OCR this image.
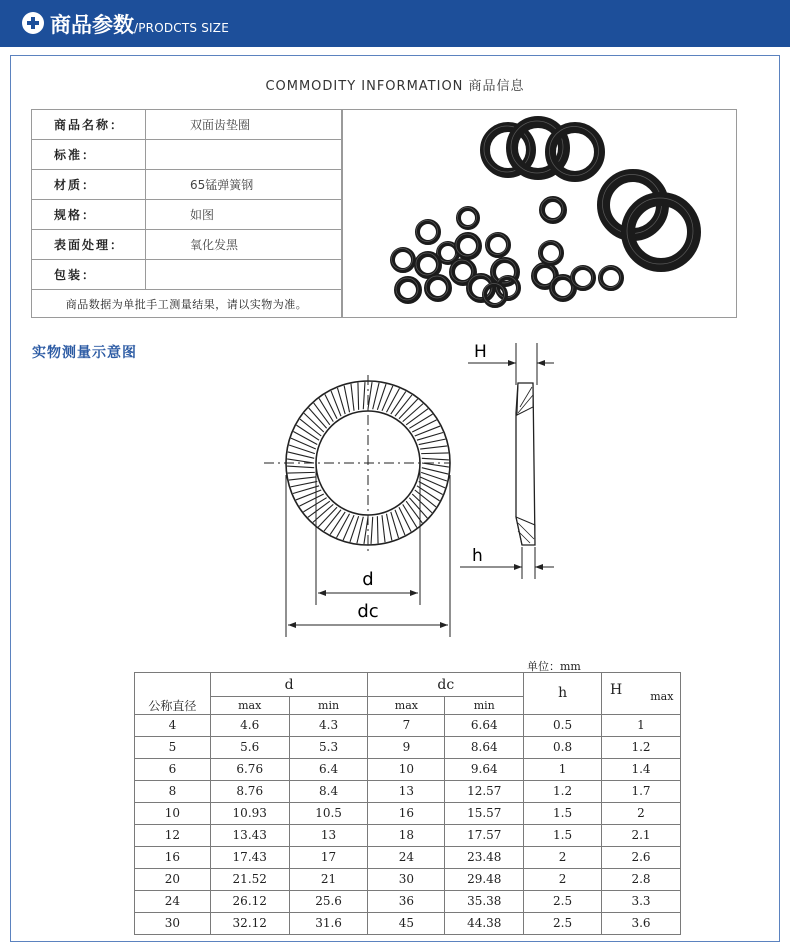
商品参数/PRODCTS SIZE
COMMODITY INFORMATION 商品信息
商品名称：	双面齿垫圈
标准：	
材质：	65锰弹簧钢
规格：	如图
表面处理：	氧化发黑
包装：	
商品数据为单批手工测量结果，请以实物为准。	
实物测量示意图
d
dc
H
h
单位：mm
	d		dc		h	H max
公称直径	max	min	max	min		
4	4.6	4.3	7	6.64	0.5	1
5	5.6	5.3	9	8.64	0.8	1.2
6	6.76	6.4	10	9.64	1	1.4
8	8.76	8.4	13	12.57	1.2	1.7
10	10.93	10.5	16	15.57	1.5	2
12	13.43	13	18	17.57	1.5	2.1
16	17.43	17	24	23.48	2	2.6
20	21.52	21	30	29.48	2	2.8
24	26.12	25.6	36	35.38	2.5	3.3
30	32.12	31.6	45	44.38	2.5	3.6
